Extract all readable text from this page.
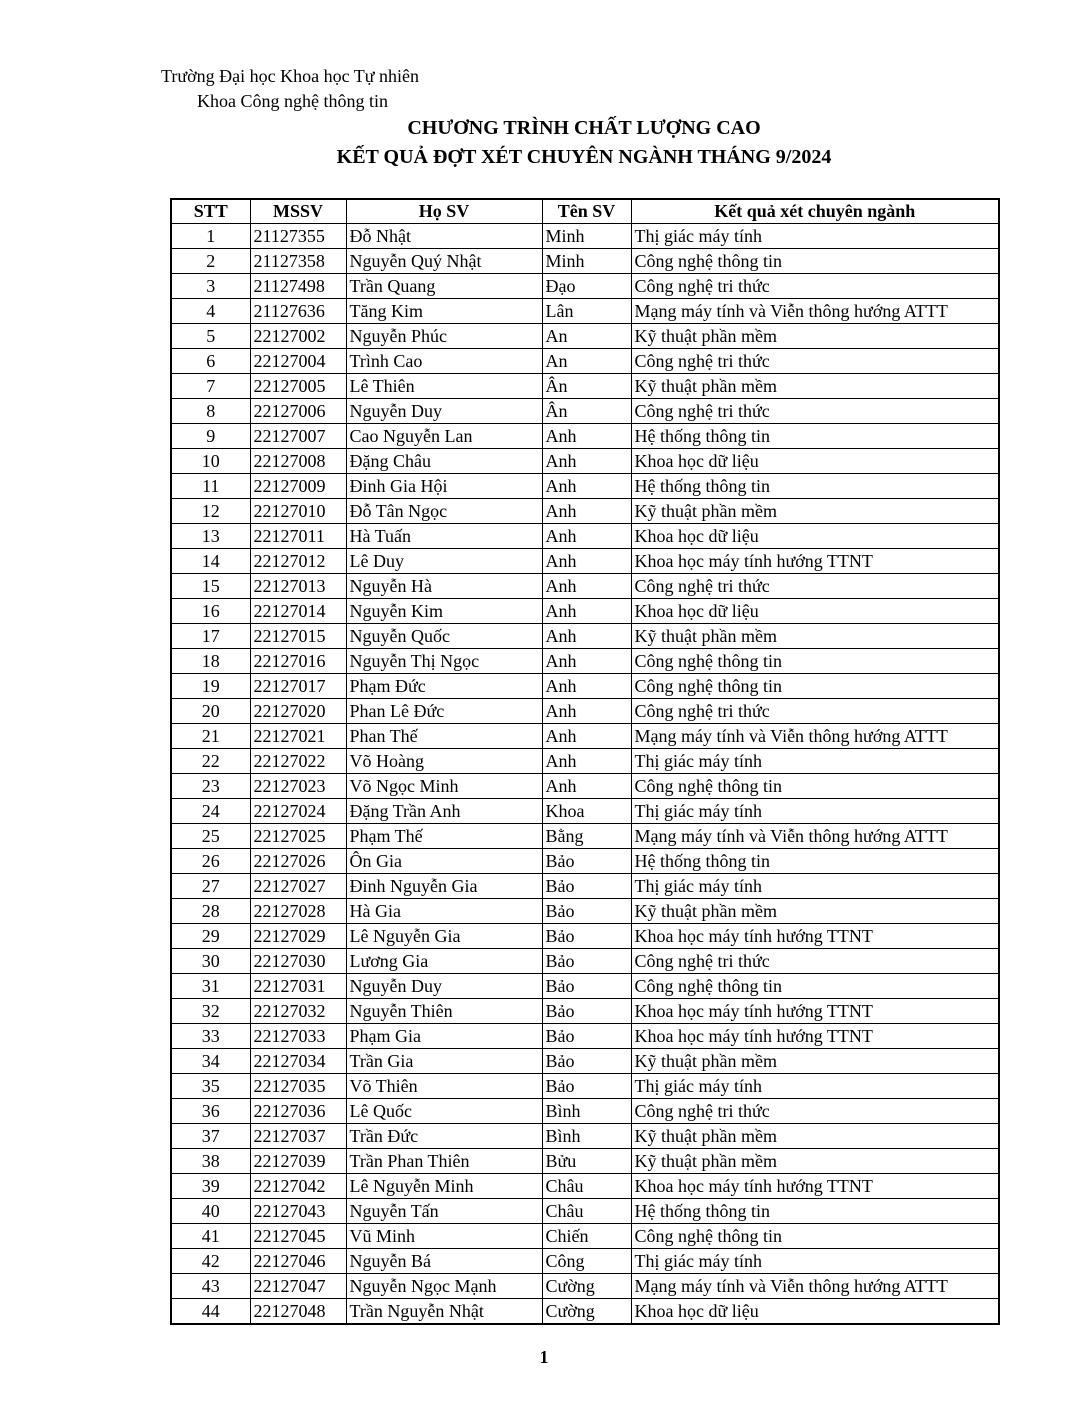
Trường Đại học Khoa học Tự nhiên
Khoa Công nghệ thông tin
CHƯƠNG TRÌNH CHẤT LƯỢNG CAO
KẾT QUẢ ĐỢT XÉT CHUYÊN NGÀNH THÁNG 9/2024
STT	MSSV	Họ SV	Tên SV	Kết quả xét chuyên ngành
1	21127355	Đỗ Nhật	Minh	Thị giác máy tính
2	21127358	Nguyễn Quý Nhật	Minh	Công nghệ thông tin
3	21127498	Trần Quang	Đạo	Công nghệ tri thức
4	21127636	Tăng Kim	Lân	Mạng máy tính và Viễn thông hướng ATTT
5	22127002	Nguyễn Phúc	An	Kỹ thuật phần mềm
6	22127004	Trình Cao	An	Công nghệ tri thức
7	22127005	Lê Thiên	Ân	Kỹ thuật phần mềm
8	22127006	Nguyễn Duy	Ân	Công nghệ tri thức
9	22127007	Cao Nguyễn Lan	Anh	Hệ thống thông tin
10	22127008	Đặng Châu	Anh	Khoa học dữ liệu
11	22127009	Đinh Gia Hội	Anh	Hệ thống thông tin
12	22127010	Đỗ Tân Ngọc	Anh	Kỹ thuật phần mềm
13	22127011	Hà Tuấn	Anh	Khoa học dữ liệu
14	22127012	Lê Duy	Anh	Khoa học máy tính hướng TTNT
15	22127013	Nguyễn Hà	Anh	Công nghệ tri thức
16	22127014	Nguyễn Kim	Anh	Khoa học dữ liệu
17	22127015	Nguyễn Quốc	Anh	Kỹ thuật phần mềm
18	22127016	Nguyễn Thị Ngọc	Anh	Công nghệ thông tin
19	22127017	Phạm Đức	Anh	Công nghệ thông tin
20	22127020	Phan Lê Đức	Anh	Công nghệ tri thức
21	22127021	Phan Thế	Anh	Mạng máy tính và Viễn thông hướng ATTT
22	22127022	Võ Hoàng	Anh	Thị giác máy tính
23	22127023	Võ Ngọc Minh	Anh	Công nghệ thông tin
24	22127024	Đặng Trần Anh	Khoa	Thị giác máy tính
25	22127025	Phạm Thế	Bằng	Mạng máy tính và Viễn thông hướng ATTT
26	22127026	Ôn Gia	Bảo	Hệ thống thông tin
27	22127027	Đinh Nguyễn Gia	Bảo	Thị giác máy tính
28	22127028	Hà Gia	Bảo	Kỹ thuật phần mềm
29	22127029	Lê Nguyễn Gia	Bảo	Khoa học máy tính hướng TTNT
30	22127030	Lương Gia	Bảo	Công nghệ tri thức
31	22127031	Nguyễn Duy	Bảo	Công nghệ thông tin
32	22127032	Nguyễn Thiên	Bảo	Khoa học máy tính hướng TTNT
33	22127033	Phạm Gia	Bảo	Khoa học máy tính hướng TTNT
34	22127034	Trần Gia	Bảo	Kỹ thuật phần mềm
35	22127035	Võ Thiên	Bảo	Thị giác máy tính
36	22127036	Lê Quốc	Bình	Công nghệ tri thức
37	22127037	Trần Đức	Bình	Kỹ thuật phần mềm
38	22127039	Trần Phan Thiên	Bửu	Kỹ thuật phần mềm
39	22127042	Lê Nguyễn Minh	Châu	Khoa học máy tính hướng TTNT
40	22127043	Nguyễn Tấn	Châu	Hệ thống thông tin
41	22127045	Vũ Minh	Chiến	Công nghệ thông tin
42	22127046	Nguyễn Bá	Công	Thị giác máy tính
43	22127047	Nguyễn Ngọc Mạnh	Cường	Mạng máy tính và Viễn thông hướng ATTT
44	22127048	Trần Nguyễn Nhật	Cường	Khoa học dữ liệu
1
